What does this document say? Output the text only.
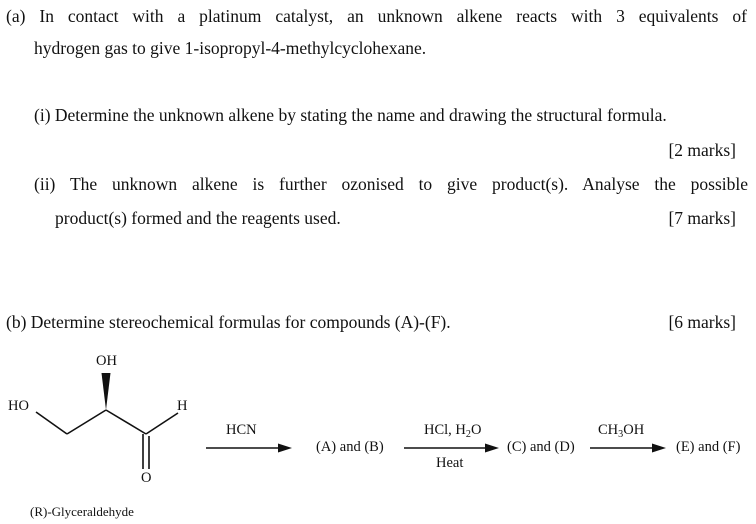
(a) In contact with a platinum catalyst, an unknown alkene reacts with 3 equivalents of
hydrogen gas to give 1-isopropyl-4-methylcyclohexane.
(i) Determine the unknown alkene by stating the name and drawing the structural formula.
[2 marks]
(ii) The unknown alkene is further ozonised to give product(s). Analyse the possible
product(s) formed and the reagents used.	[7 marks]
(b) Determine stereochemical formulas for compounds (A)-(F).	[6 marks]
OH
HO	H
O
(R)-Glyceraldehyde
HCN
(A) and (B)
HCl, $H_2O$
Heat
(C) and (D)
$CH_3OH$
(E) and (F)
